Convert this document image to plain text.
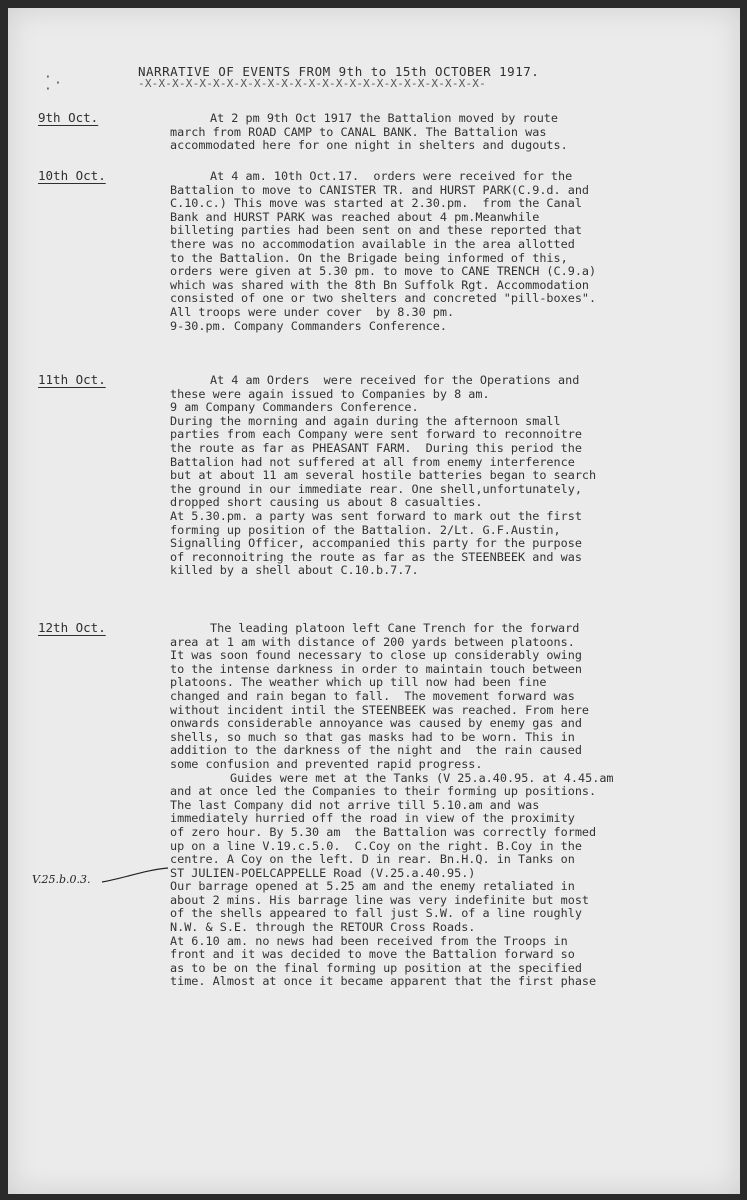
·
· ·
NARRATIVE OF EVENTS FROM 9th to 15th OCTOBER 1917.
-X-X-X-X-X-X-X-X-X-X-X-X-X-X-X-X-X-X-X-X-X-X-X-X-X-
9th Oct.	At 2 pm 9th Oct 1917 the Battalion moved by route
march from ROAD CAMP to CANAL BANK. The Battalion was
accommodated here for one night in shelters and dugouts.
10th Oct.	At 4 am. 10th Oct.17.  orders were received for the
Battalion to move to CANISTER TR. and HURST PARK(C.9.d. and
C.10.c.) This move was started at 2.30.pm.  from the Canal
Bank and HURST PARK was reached about 4 pm.Meanwhile
billeting parties had been sent on and these reported that
there was no accommodation available in the area allotted
to the Battalion. On the Brigade being informed of this,
orders were given at 5.30 pm. to move to CANE TRENCH (C.9.a)
which was shared with the 8th Bn Suffolk Rgt. Accommodation
consisted of one or two shelters and concreted "pill-boxes".
All troops were under cover  by 8.30 pm.
9-30.pm. Company Commanders Conference.
11th Oct.	At 4 am Orders  were received for the Operations and
these were again issued to Companies by 8 am.
9 am Company Commanders Conference.
During the morning and again during the afternoon small
parties from each Company were sent forward to reconnoitre
the route as far as PHEASANT FARM.  During this period the
Battalion had not suffered at all from enemy interference
but at about 11 am several hostile batteries began to search
the ground in our immediate rear. One shell,unfortunately,
dropped short causing us about 8 casualties.
At 5.30.pm. a party was sent forward to mark out the first
forming up position of the Battalion. 2/Lt. G.F.Austin,
Signalling Officer, accompanied this party for the purpose
of reconnoitring the route as far as the STEENBEEK and was
killed by a shell about C.10.b.7.7.
12th Oct.	The leading platoon left Cane Trench for the forward
area at 1 am with distance of 200 yards between platoons.
It was soon found necessary to close up considerably owing
to the intense darkness in order to maintain touch between
platoons. The weather which up till now had been fine
changed and rain began to fall.  The movement forward was
without incident intil the STEENBEEK was reached. From here
onwards considerable annoyance was caused by enemy gas and
shells, so much so that gas masks had to be worn. This in
addition to the darkness of the night and  the rain caused
some confusion and prevented rapid progress.
Guides were met at the Tanks (V 25.a.40.95. at 4.45.am
and at once led the Companies to their forming up positions.
The last Company did not arrive till 5.10.am and was
immediately hurried off the road in view of the proximity
of zero hour. By 5.30 am  the Battalion was correctly formed
up on a line V.19.c.5.0.  C.Coy on the right. B.Coy in the
centre. A Coy on the left. D in rear. Bn.H.Q. in Tanks on
ST JULIEN-POELCAPPELLE Road (V.25.a.40.95.)
Our barrage opened at 5.25 am and the enemy retaliated in
about 2 mins. His barrage line was very indefinite but most
of the shells appeared to fall just S.W. of a line roughly
N.W. & S.E. through the RETOUR Cross Roads.
At 6.10 am. no news had been received from the Troops in
front and it was decided to move the Battalion forward so
as to be on the final forming up position at the specified
time. Almost at once it became apparent that the first phase
V.25.b.0.3.
